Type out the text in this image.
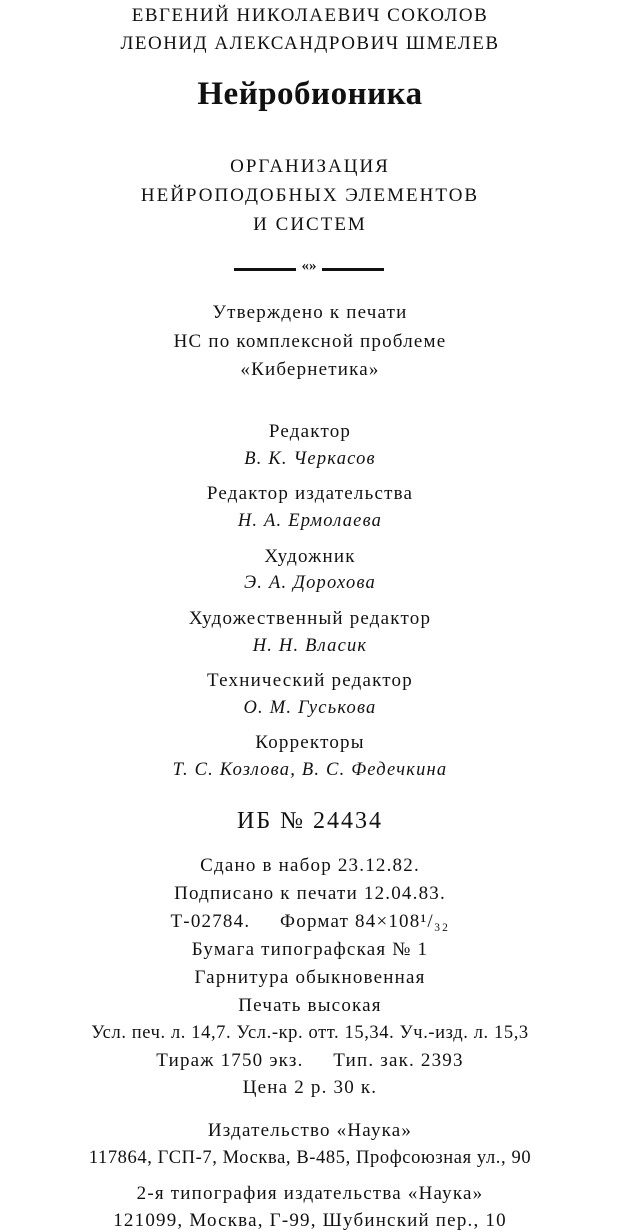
ЕВГЕНИЙ НИКОЛАЕВИЧ СОКОЛОВ
ЛЕОНИД АЛЕКСАНДРОВИЧ ШМЕЛЕВ
Нейробионика
ОРГАНИЗАЦИЯ
НЕЙРОПОДОБНЫХ ЭЛЕМЕНТОВ
И СИСТЕМ
«»
Утверждено к печати
НС по комплексной проблеме
«Кибернетика»
Редактор
В. К. Черкасов
Редактор издательства
Н. А. Ермолаева
Художник
Э. А. Дорохова
Художественный редактор
Н. Н. Власик
Технический редактор
О. М. Гуськова
Корректоры
Т. С. Козлова, В. С. Федечкина
ИБ № 24434
Сдано в набор 23.12.82.
Подписано к печати 12.04.83.
Т-02784.     Формат 84×108¹/₃₂
Бумага типографская № 1
Гарнитура обыкновенная
Печать высокая
Усл. печ. л. 14,7. Усл.-кр. отт. 15,34. Уч.-изд. л. 15,3
Тираж 1750 экз.     Тип. зак. 2393
Цена 2 р. 30 к.
Издательство «Наука»
117864, ГСП-7, Москва, В-485, Профсоюзная ул., 90
2-я типография издательства «Наука»
121099, Москва, Г-99, Шубинский пер., 10
